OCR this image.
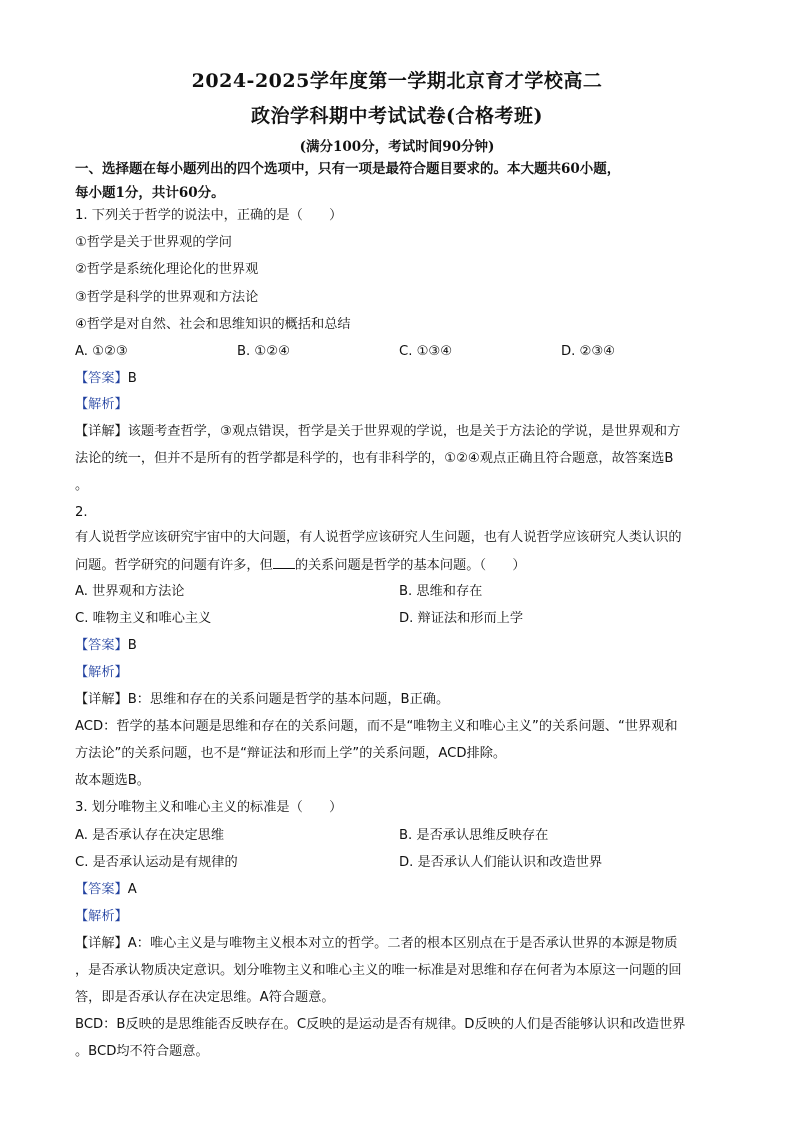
2024-2025学年度第一学期北京育才学校高二
政治学科期中考试试卷(合格考班)
(满分100分，考试时间90分钟)
一、选择题在每小题列出的四个选项中，只有一项是最符合题目要求的。本大题共60小题，
每小题1分，共计60分。
1. 下列关于哲学的说法中，正确的是（　　）
①哲学是关于世界观的学问
②哲学是系统化理论化的世界观
③哲学是科学的世界观和方法论
④哲学是对自然、社会和思维知识的概括和总结
A. ①②③	B. ①②④	C. ①③④	D. ②③④
【答案】B
【解析】
【详解】该题考查哲学，③观点错误，哲学是关于世界观的学说，也是关于方法论的学说，是世界观和方
法论的统一，但并不是所有的哲学都是科学的，也有非科学的，①②④观点正确且符合题意，故答案选B
。
2.
有人说哲学应该研究宇宙中的大问题，有人说哲学应该研究人生问题，也有人说哲学应该研究人类认识的
问题。哲学研究的问题有许多，但 的关系问题是哲学的基本问题。（　　）
A. 世界观和方法论	B. 思维和存在
C. 唯物主义和唯心主义	D. 辩证法和形而上学
【答案】B
【解析】
【详解】B：思维和存在的关系问题是哲学的基本问题，B正确。
ACD：哲学的基本问题是思维和存在的关系问题，而不是“唯物主义和唯心主义”的关系问题、“世界观和
方法论”的关系问题，也不是“辩证法和形而上学”的关系问题，ACD排除。
故本题选B。
3. 划分唯物主义和唯心主义的标准是（　　）
A. 是否承认存在决定思维	B. 是否承认思维反映存在
C. 是否承认运动是有规律的	D. 是否承认人们能认识和改造世界
【答案】A
【解析】
【详解】A：唯心主义是与唯物主义根本对立的哲学。二者的根本区别点在于是否承认世界的本源是物质
，是否承认物质决定意识。划分唯物主义和唯心主义的唯一标准是对思维和存在何者为本原这一问题的回
答，即是否承认存在决定思维。A符合题意。
BCD：B反映的是思维能否反映存在。C反映的是运动是否有规律。D反映的人们是否能够认识和改造世界
。BCD均不符合题意。
